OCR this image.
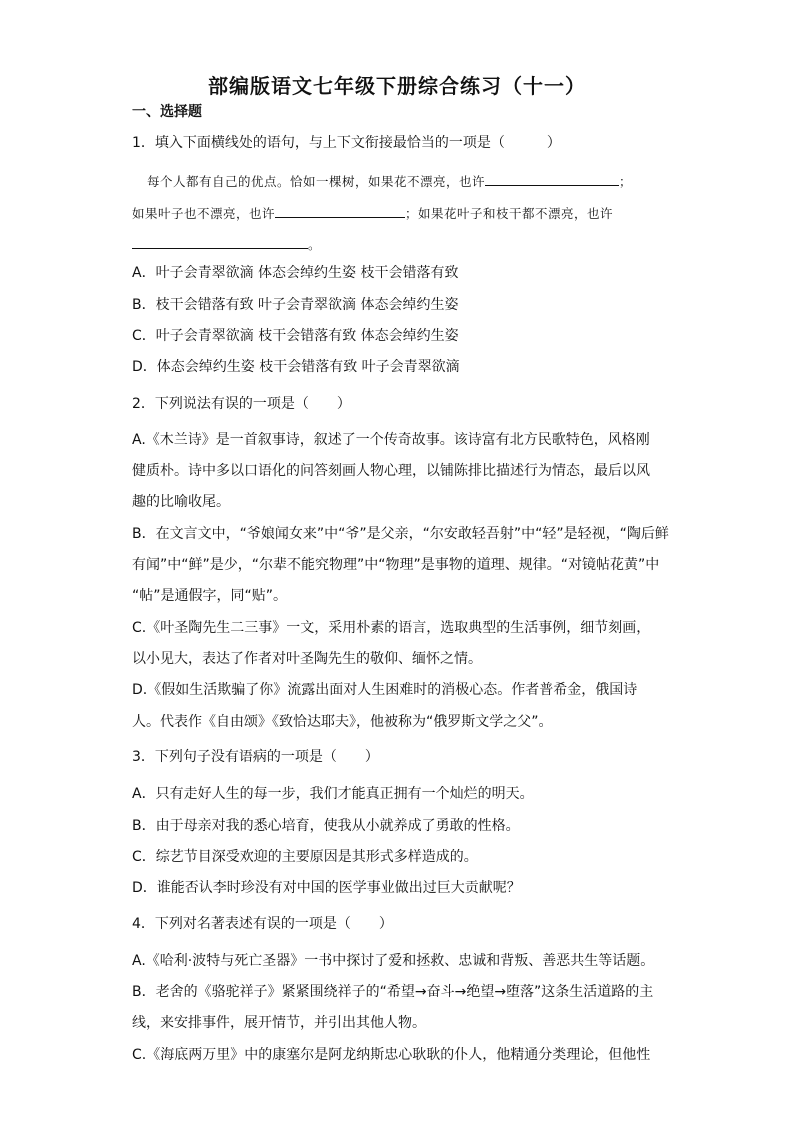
部编版语文七年级下册综合练习（十一）
一、选择题
1．填入下面横线处的语句，与上下文衔接最恰当的一项是（　　　）
每个人都有自己的优点。恰如一棵树，如果花不漂亮，也许	；
如果叶子也不漂亮，也许	；如果花叶子和枝干都不漂亮，也许
。
A．叶子会青翠欲滴 体态会绰约生姿 枝干会错落有致
B．枝干会错落有致 叶子会青翠欲滴 体态会绰约生姿
C．叶子会青翠欲滴 枝干会错落有致 体态会绰约生姿
D．体态会绰约生姿 枝干会错落有致 叶子会青翠欲滴
2．下列说法有误的一项是（　　）
A.《木兰诗》是一首叙事诗，叙述了一个传奇故事。该诗富有北方民歌特色，风格刚
健质朴。诗中多以口语化的问答刻画人物心理，以铺陈排比描述行为情态，最后以风
趣的比喻收尾。
B．在文言文中，“爷娘闻女来”中“爷”是父亲，“尔安敢轻吾射”中“轻”是轻视，“陶后鲜
有闻”中“鲜”是少，“尔辈不能究物理”中“物理”是事物的道理、规律。“对镜帖花黄”中
“帖”是通假字，同“贴”。
C.《叶圣陶先生二三事》一文，采用朴素的语言，选取典型的生活事例，细节刻画，
以小见大，表达了作者对叶圣陶先生的敬仰、缅怀之情。
D.《假如生活欺骗了你》流露出面对人生困难时的消极心态。作者普希金，俄国诗
人。代表作《自由颂》《致恰达耶夫》，他被称为“俄罗斯文学之父”。
3．下列句子没有语病的一项是（　　）
A．只有走好人生的每一步，我们才能真正拥有一个灿烂的明天。
B．由于母亲对我的悉心培育，使我从小就养成了勇敢的性格。
C．综艺节目深受欢迎的主要原因是其形式多样造成的。
D．谁能否认李时珍没有对中国的医学事业做出过巨大贡献呢？
4．下列对名著表述有误的一项是（　　）
A.《哈利·波特与死亡圣器》一书中探讨了爱和拯救、忠诚和背叛、善恶共生等话题。
B．老舍的《骆驼祥子》紧紧围绕祥子的“希望→奋斗→绝望→堕落”这条生活道路的主
线，来安排事件，展开情节，并引出其他人物。
C.《海底两万里》中的康塞尔是阿龙纳斯忠心耿耿的仆人，他精通分类理论，但他性
